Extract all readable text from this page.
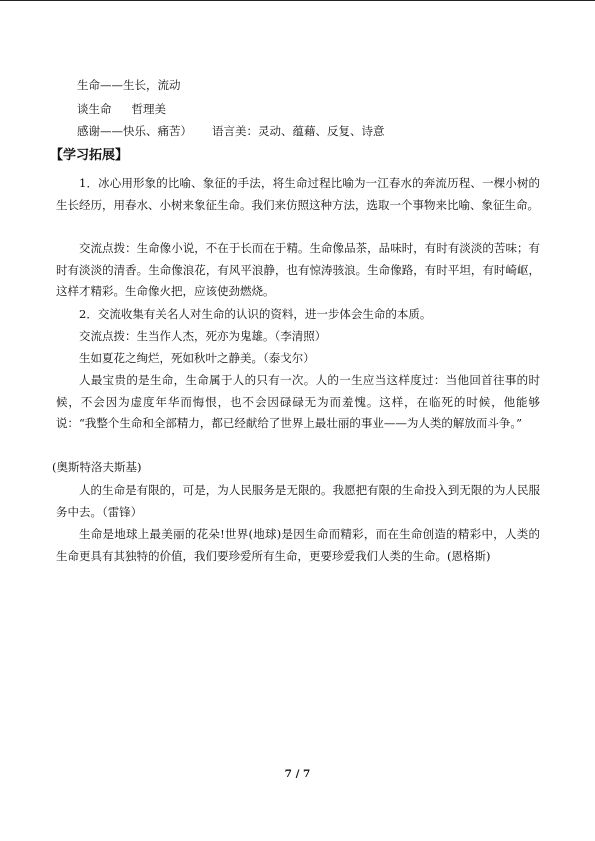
生命——生长，流动
谈生命 哲理美
感谢——快乐、痛苦） 语言美：灵动、蕴藉、反复、诗意
【学习拓展】
1．冰心用形象的比喻、象征的手法，将生命过程比喻为一江春水的奔流历程、一棵小树的生长经历，用春水、小树来象征生命。我们来仿照这种方法，选取一个事物来比喻、象征生命。
交流点拨：生命像小说，不在于长而在于精。生命像品茶，品味时，有时有淡淡的苦味；有时有淡淡的清香。生命像浪花，有风平浪静，也有惊涛骇浪。生命像路，有时平坦，有时崎岖，这样才精彩。生命像火把，应该使劲燃烧。
2．交流收集有关名人对生命的认识的资料，进一步体会生命的本质。
交流点拨：生当作人杰，死亦为鬼雄。（李清照）
生如夏花之绚烂，死如秋叶之静美。（泰戈尔）
人最宝贵的是生命，生命属于人的只有一次。人的一生应当这样度过：当他回首往事的时候，不会因为虚度年华而悔恨，也不会因碌碌无为而羞愧。这样，在临死的时候，他能够说：“我整个生命和全部精力，都已经献给了世界上最壮丽的事业——为人类的解放而斗争。”
(奥斯特洛夫斯基)
人的生命是有限的，可是，为人民服务是无限的。我愿把有限的生命投入到无限的为人民服务中去。（雷锋）
生命是地球上最美丽的花朵!世界(地球)是因生命而精彩，而在生命创造的精彩中，人类的生命更具有其独特的价值，我们要珍爱所有生命，更要珍爱我们人类的生命。(恩格斯)
7 / 7
